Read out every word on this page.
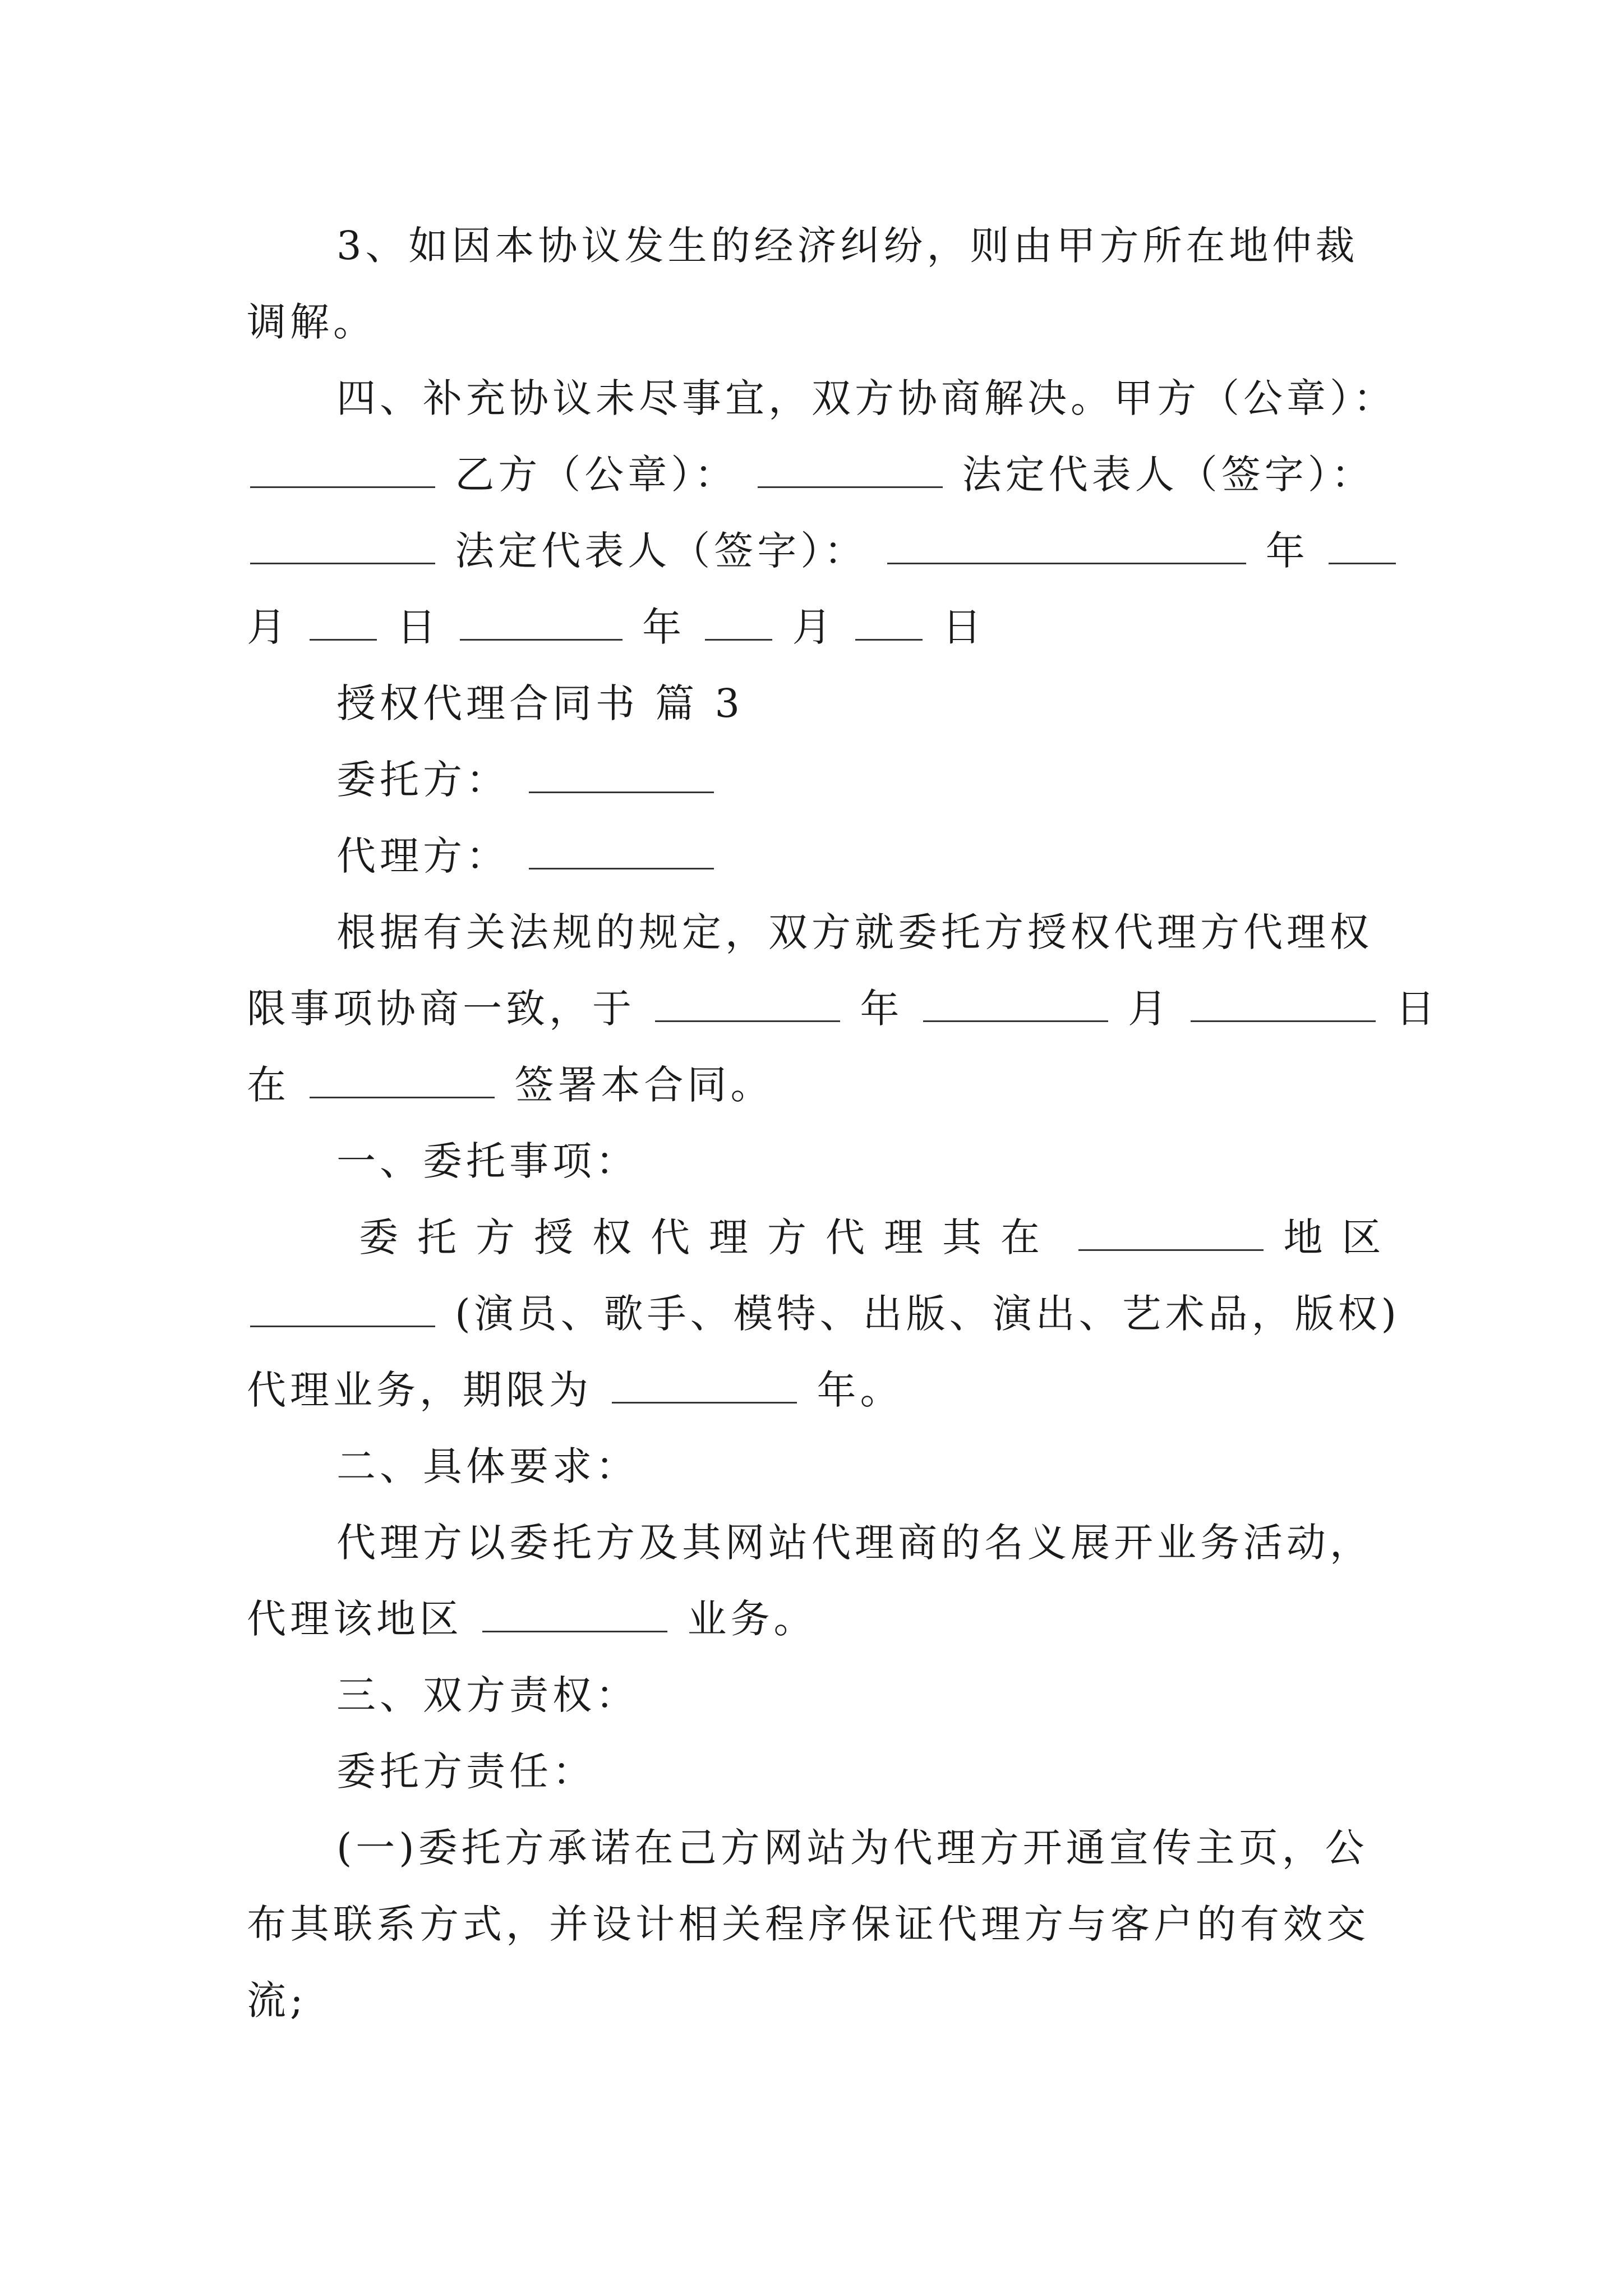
3、如因本协议发生的经济纠纷，则由甲方所在地仲裁
调解。
四、补充协议未尽事宜，双方协商解决。甲方（公章）：
乙方（公章）：	法定代表人（签字）：
法定代表人（签字）：	年
月	日	年	月	日
授权代理合同书 篇 3
委托方：
代理方：
根据有关法规的规定，双方就委托方授权代理方代理权
限事项协商一致，于	年	月	日
在	签署本合同。
一、委托事项：
委托方授权代理方代理其在	地区
(演员、歌手、模特、出版、演出、艺术品，版权)
代理业务，期限为	年。
二、具体要求：
代理方以委托方及其网站代理商的名义展开业务活动，
代理该地区	业务。
三、双方责权：
委托方责任：
(一)委托方承诺在己方网站为代理方开通宣传主页，公
布其联系方式，并设计相关程序保证代理方与客户的有效交
流;
